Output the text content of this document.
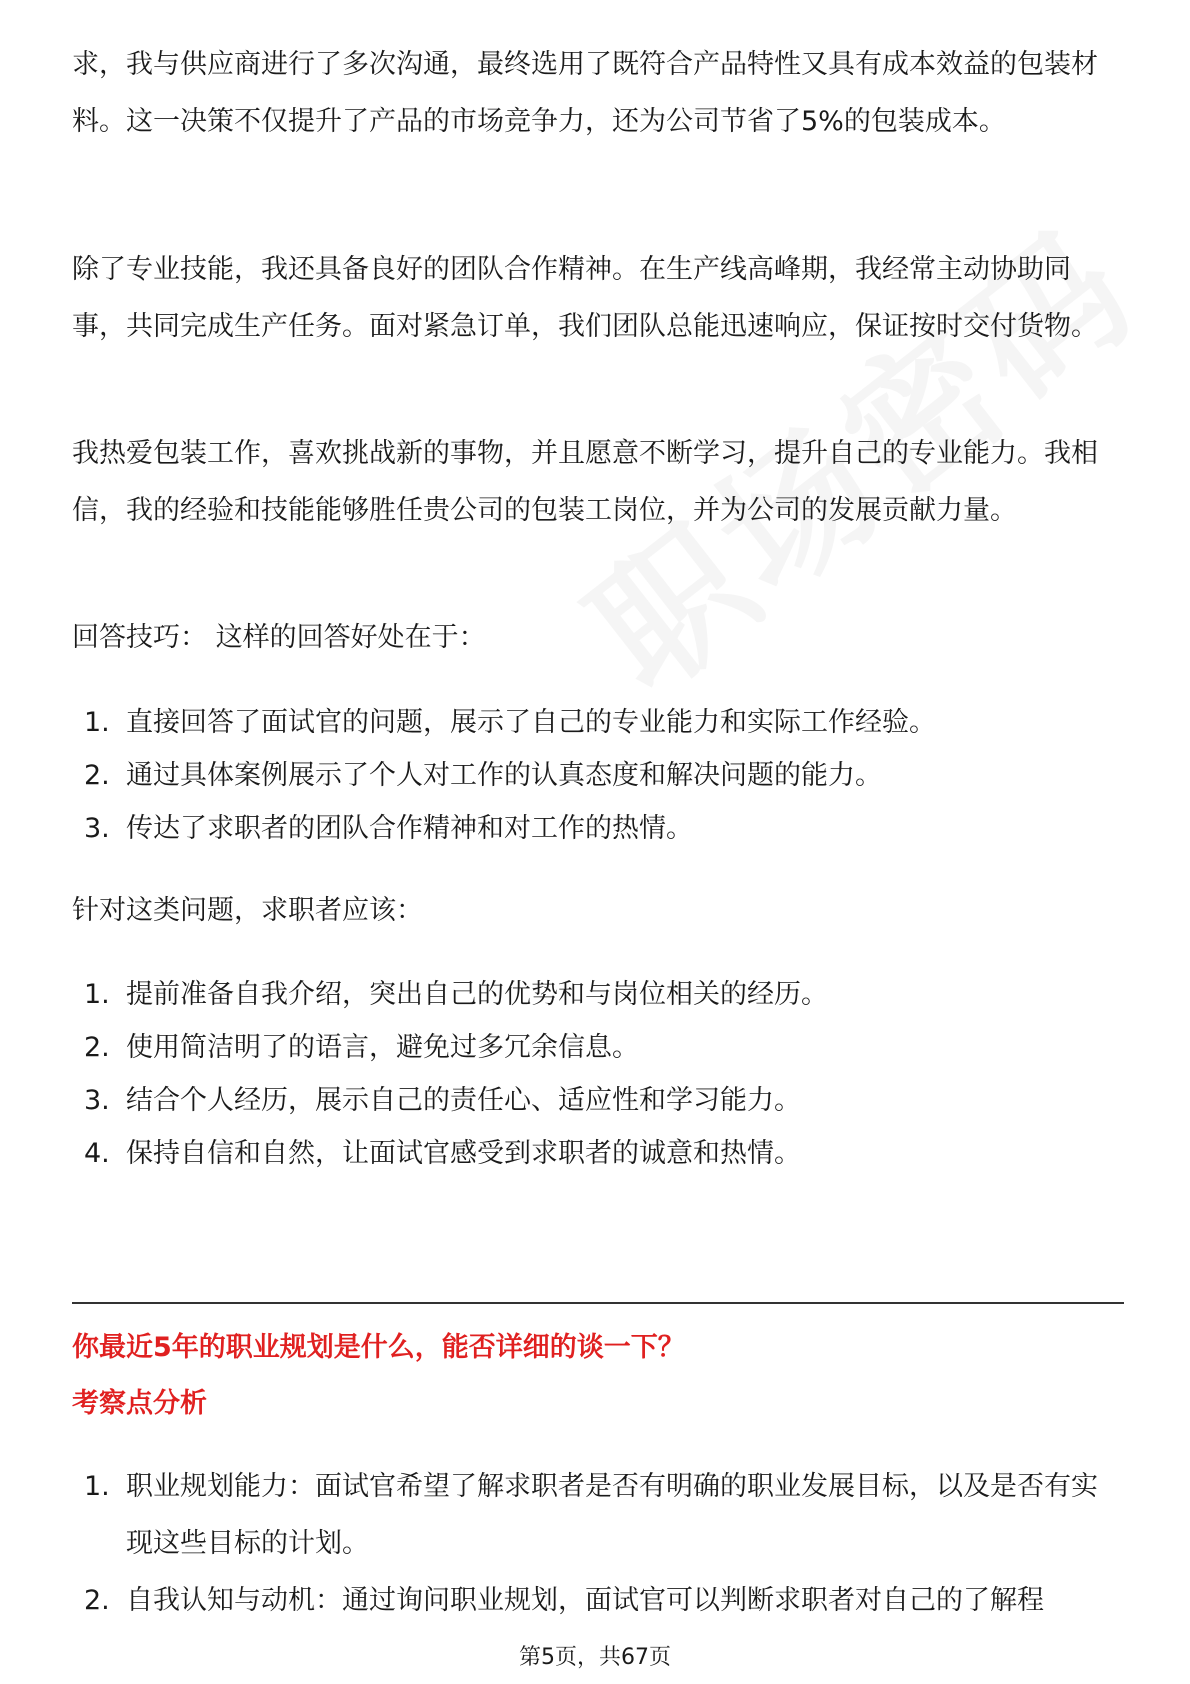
求，我与供应商进行了多次沟通，最终选用了既符合产品特性又具有成本效益的包装材料。这一决策不仅提升了产品的市场竞争力，还为公司节省了5%的包装成本。

除了专业技能，我还具备良好的团队合作精神。在生产线高峰期，我经常主动协助同事，共同完成生产任务。面对紧急订单，我们团队总能迅速响应，保证按时交付货物。

我热爱包装工作，喜欢挑战新的事物，并且愿意不断学习，提升自己的专业能力。我相信，我的经验和技能能够胜任贵公司的包装工岗位，并为公司的发展贡献力量。

回答技巧： 这样的回答好处在于：

1. 直接回答了面试官的问题，展示了自己的专业能力和实际工作经验。
2. 通过具体案例展示了个人对工作的认真态度和解决问题的能力。
3. 传达了求职者的团队合作精神和对工作的热情。

针对这类问题，求职者应该：

1. 提前准备自我介绍，突出自己的优势和与岗位相关的经历。
2. 使用简洁明了的语言，避免过多冗余信息。
3. 结合个人经历，展示自己的责任心、适应性和学习能力。
4. 保持自信和自然，让面试官感受到求职者的诚意和热情。
你最近5年的职业规划是什么，能否详细的谈一下？
考察点分析
1. 职业规划能力：面试官希望了解求职者是否有明确的职业发展目标，以及是否有实现这些目标的计划。
2. 自我认知与动机：通过询问职业规划，面试官可以判断求职者对自己的了解程
第5页，共67页
